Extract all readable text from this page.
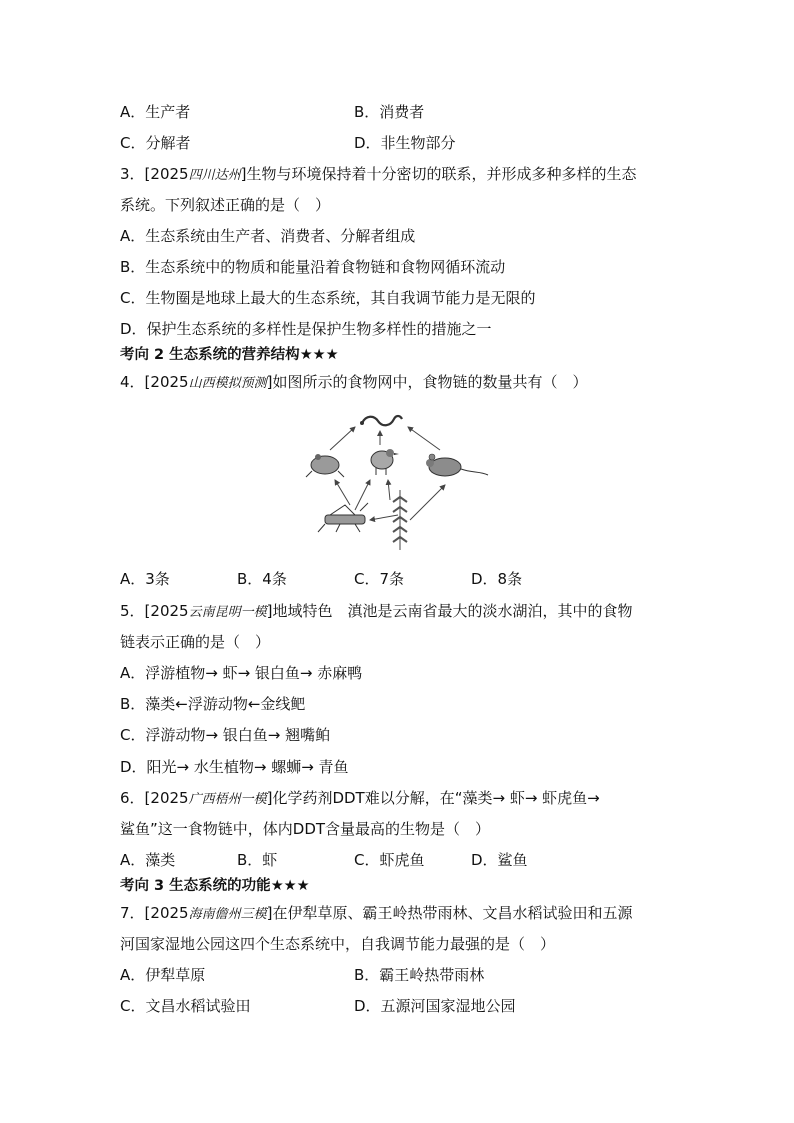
A．生产者	B．消费者
C．分解者	D．非生物部分
3．[2025四川达州]生物与环境保持着十分密切的联系，并形成多种多样的生态
系统。下列叙述正确的是（　）
A．生态系统由生产者、消费者、分解者组成
B．生态系统中的物质和能量沿着食物链和食物网循环流动
C．生物圈是地球上最大的生态系统，其自我调节能力是无限的
D．保护生态系统的多样性是保护生物多样性的措施之一
考向 2 生态系统的营养结构★★★
4．[2025山西模拟预测]如图所示的食物网中，食物链的数量共有（　）
A．3条	B．4条	C．7条	D．8条
5．[2025云南昆明一模]地域特色　滇池是云南省最大的淡水湖泊，其中的食物
链表示正确的是（　）
A．浮游植物→ 虾→ 银白鱼→ 赤麻鸭
B．藻类←浮游动物←金线鲃
C．浮游动物→ 银白鱼→ 翘嘴鲌
D．阳光→ 水生植物→ 螺蛳→ 青鱼
6．[2025广西梧州一模]化学药剂DDT难以分解，在“藻类→ 虾→ 虾虎鱼→
鲨鱼”这一食物链中，体内DDT含量最高的生物是（　）
A．藻类	B．虾	C．虾虎鱼	D．鲨鱼
考向 3 生态系统的功能★★★
7．[2025海南儋州三模]在伊犁草原、霸王岭热带雨林、文昌水稻试验田和五源
河国家湿地公园这四个生态系统中，自我调节能力最强的是（　）
A．伊犁草原	B．霸王岭热带雨林
C．文昌水稻试验田	D．五源河国家湿地公园
